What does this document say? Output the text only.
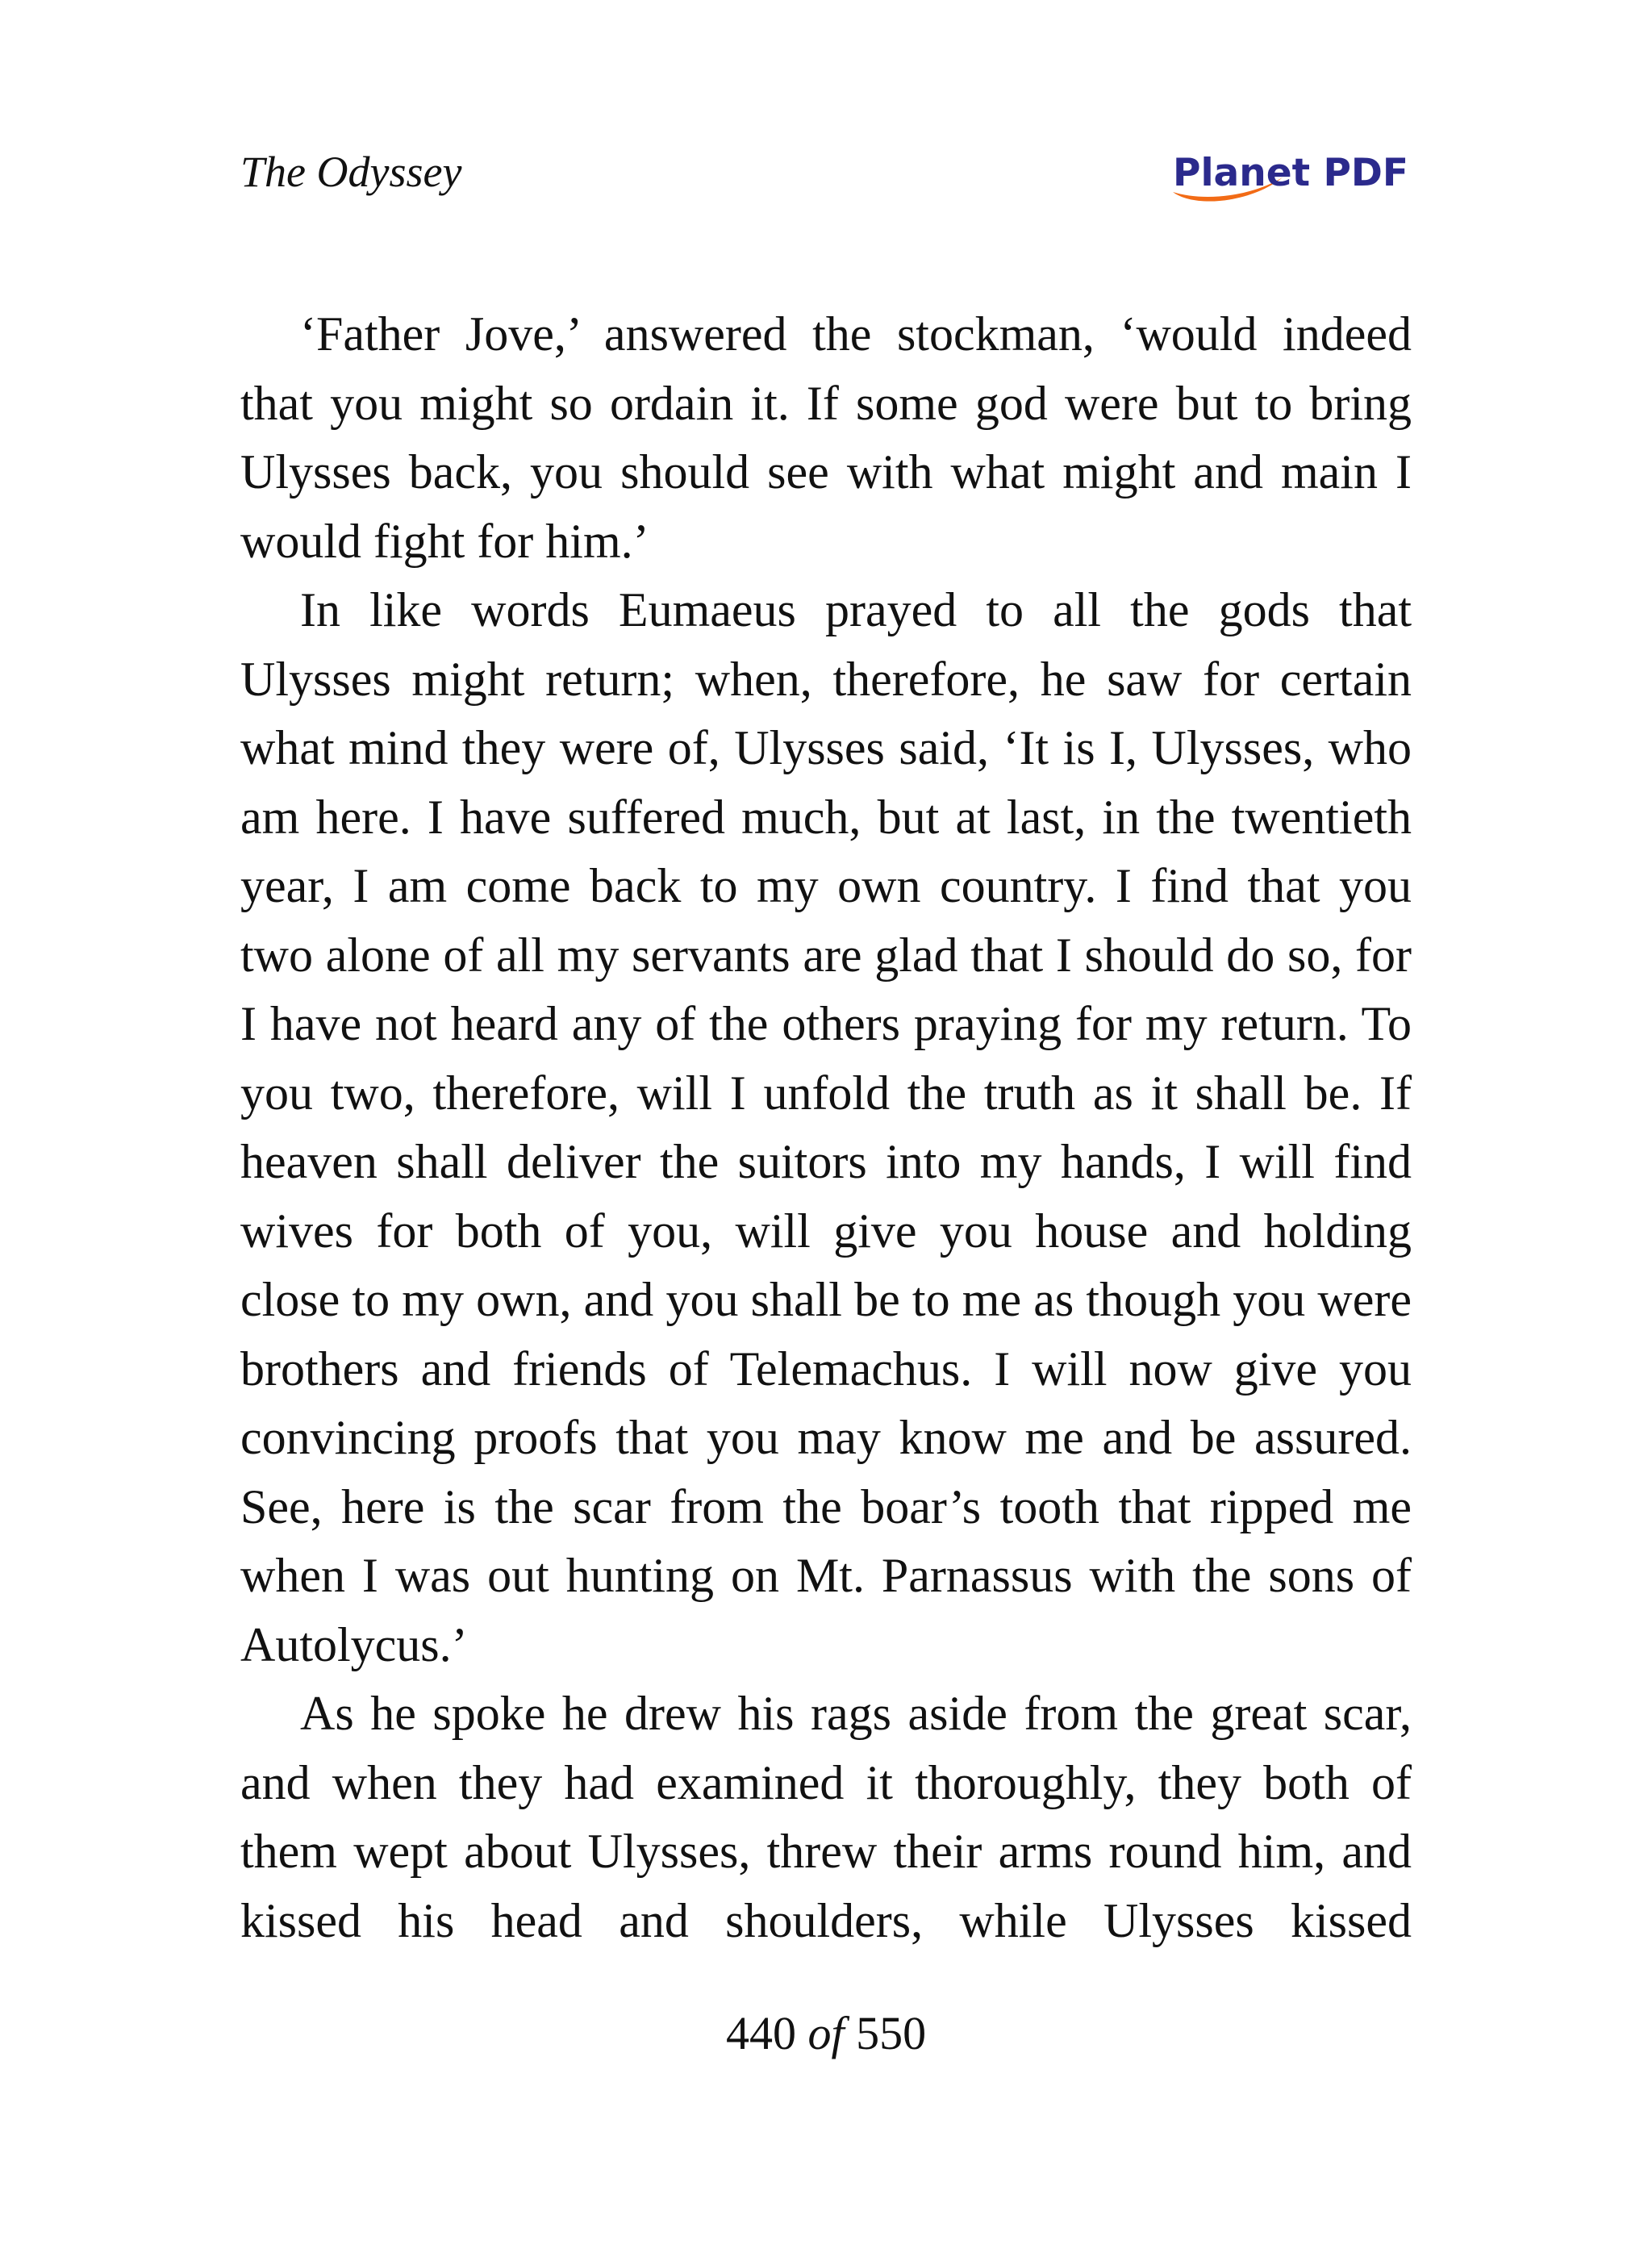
The Odyssey	Planet PDF

‘Father Jove,’ answered the stockman, ‘would indeed that you might so ordain it. If some god were but to bring Ulysses back, you should see with what might and main I would fight for him.’

In like words Eumaeus prayed to all the gods that Ulysses might return; when, therefore, he saw for certain what mind they were of, Ulysses said, ‘It is I, Ulysses, who am here. I have suffered much, but at last, in the twentieth year, I am come back to my own country. I find that you two alone of all my servants are glad that I should do so, for I have not heard any of the others praying for my return. To you two, therefore, will I unfold the truth as it shall be. If heaven shall deliver the suitors into my hands, I will find wives for both of you, will give you house and holding close to my own, and you shall be to me as though you were brothers and friends of Telemachus. I will now give you convincing proofs that you may know me and be assured. See, here is the scar from the boar’s tooth that ripped me when I was out hunting on Mt. Parnassus with the sons of Autolycus.’

As he spoke he drew his rags aside from the great scar, and when they had examined it thoroughly, they both of them wept about Ulysses, threw their arms round him, and kissed his head and shoulders, while Ulysses kissed

440 of 550
